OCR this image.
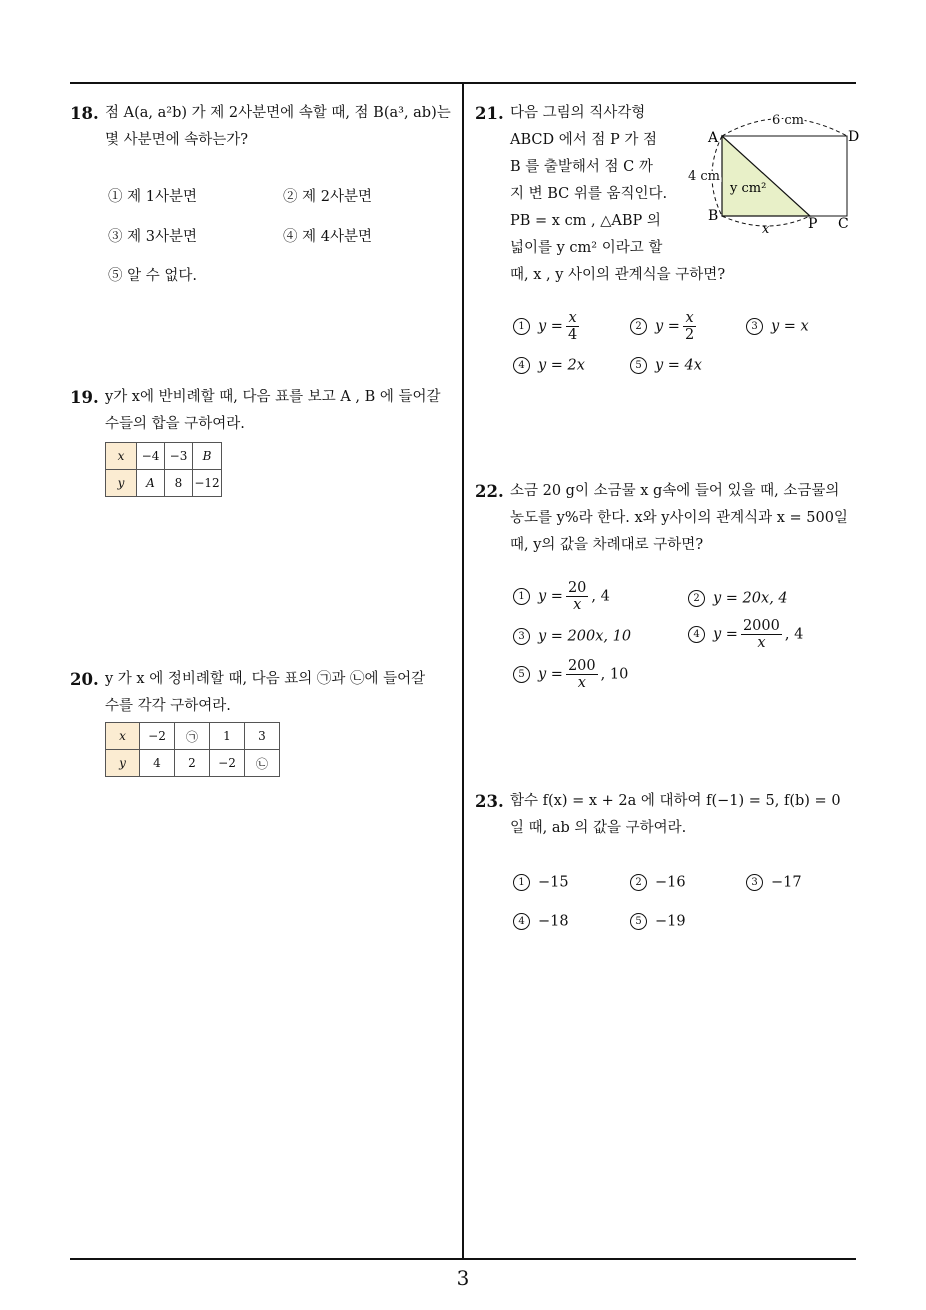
18. 점 A(a, a²b) 가 제 2사분면에 속할 때, 점 B(a³, ab)는
몇 사분면에 속하는가?
① 제 1사분면	② 제 2사분면
③ 제 3사분면	④ 제 4사분면
⑤ 알 수 없다.
19. y가 x에 반비례할 때, 다음 표를 보고 A , B 에 들어갈
수들의 합을 구하여라.
x	−4	−3	B
y	A	8	−12
20. y 가 x 에 정비례할 때, 다음 표의 ㉠과 ㉡에 들어갈
수를 각각 구하여라.
x	−2	㉠	1	3
y	4	2	−2	㉡
21. 다음 그림의 직사각형
ABCD 에서 점 P 가 점
B 를 출발해서 점 C 까
지 변 BC 위를 움직인다.
PB = x cm , △ABP 의
넓이를 y cm² 이라고 할
때, x , y 사이의 관계식을 구하면?
A	D
B	P C
6 cm
4 cm
x
y cm²
1 $y = \frac{x}{4}$	2 $y = \frac{x}{2}$	3 y = x
4 y = 2x	5 y = 4x
22. 소금 20 g이 소금물 x g속에 들어 있을 때, 소금물의
농도를 y%라 한다. x와 y사이의 관계식과 x = 500일
때, y의 값을 차례대로 구하면?
1 $y = \frac{20}{x}$ , 4	2 y = 20x, 4
3 y = 200x, 10	4 $y = \frac{2000}{x}$ , 4
5 $y = \frac{200}{x}$ , 10
23. 함수 f(x) = x + 2a 에 대하여 f(−1) = 5, f(b) = 0
일 때, ab 의 값을 구하여라.
1 −15	2 −16	3 −17
4 −18	5 −19
3
